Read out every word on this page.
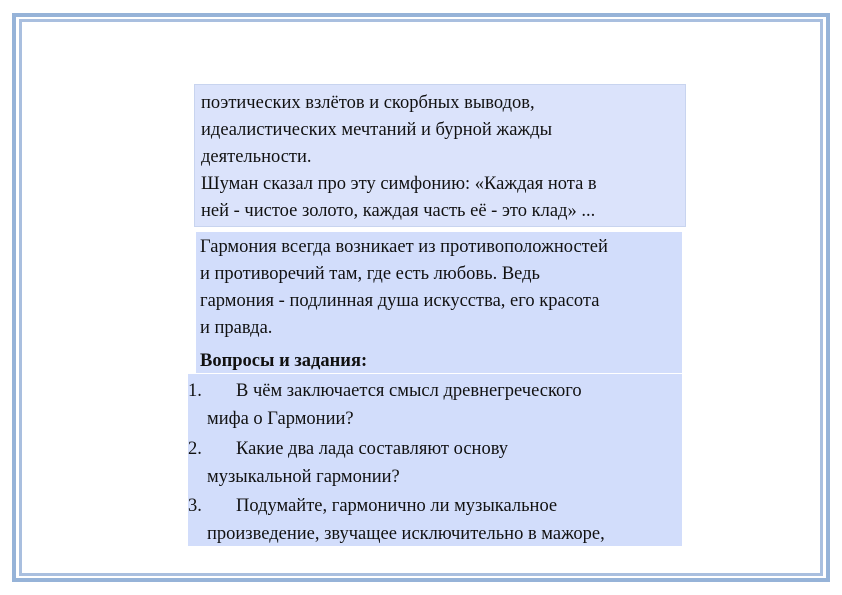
поэтических взлётов и скорбных выводов,
идеалистических мечтаний и бурной жажды
деятельности.
Шуман сказал про эту симфонию: «Каждая нота в
ней - чистое золото, каждая часть её - это клад» ...
Гармония всегда возникает из противоположностей
и противоречий там, где есть любовь. Ведь
гармония - подлинная душа искусства, его красота
и правда.
Вопросы и задания:
1. В чём заключается смысл древнегреческого
мифа о Гармонии?
2. Какие два лада составляют основу
музыкальной гармонии?
3. Подумайте, гармонично ли музыкальное
произведение, звучащее исключительно в мажоре,
